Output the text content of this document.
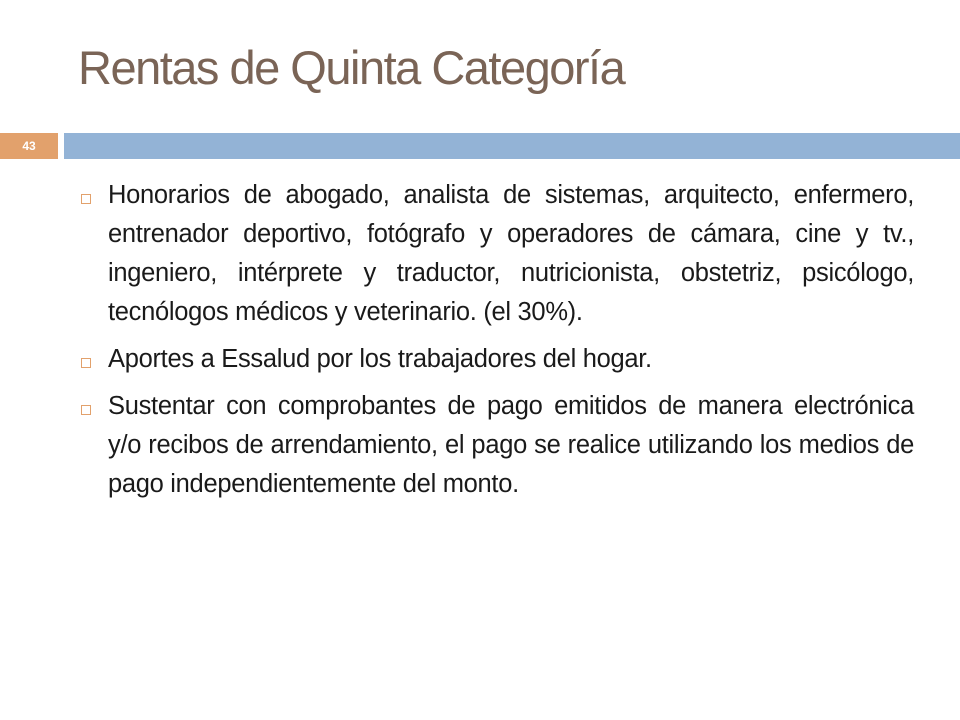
Rentas de Quinta Categoría
43
Honorarios de abogado, analista de sistemas, arquitecto, enfermero, entrenador deportivo, fotógrafo y operadores de cámara, cine y tv., ingeniero, intérprete y traductor, nutricionista, obstetriz, psicólogo, tecnólogos médicos y veterinario. (el 30%).
Aportes a Essalud por los trabajadores del hogar.
Sustentar con comprobantes de pago emitidos de manera electrónica y/o recibos de arrendamiento, el pago se realice utilizando los medios de pago independientemente del monto.
